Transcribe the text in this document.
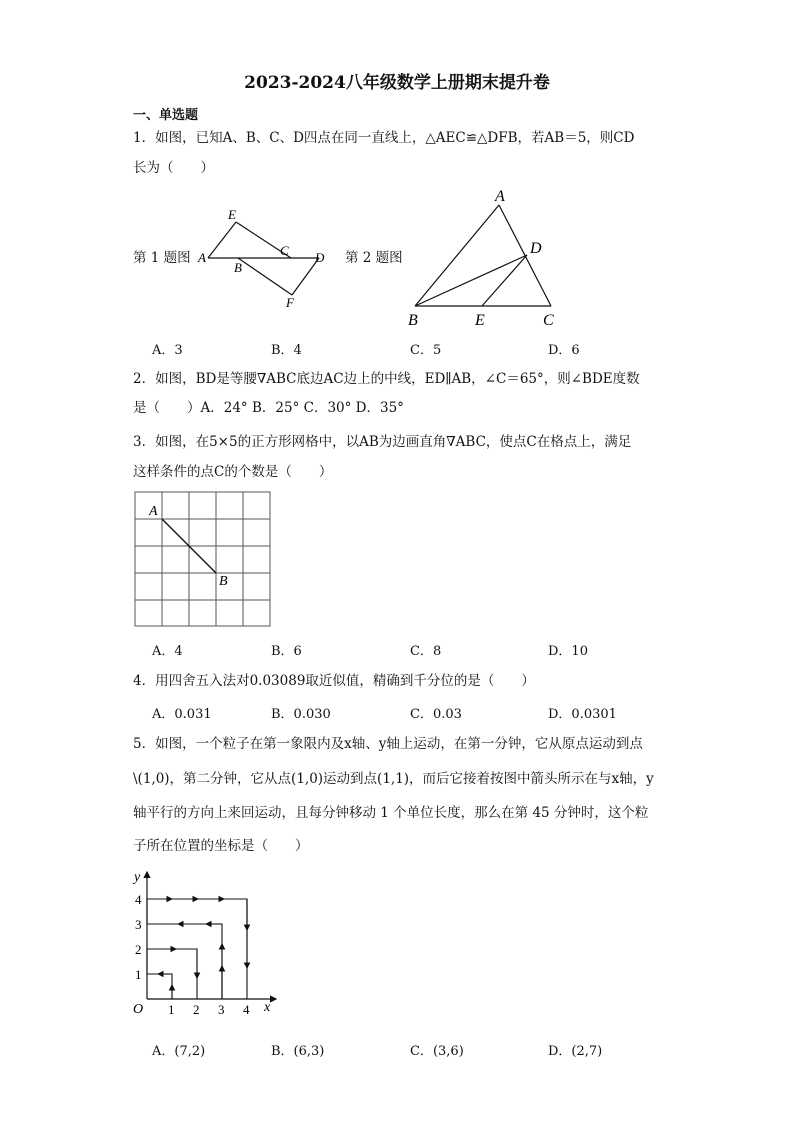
2023-2024八年级数学上册期末提升卷
一、单选题
1．如图，已知A、B、C、D四点在同一直线上，△AEC≌△DFB，若AB＝5，则CD
长为（　　）
第 1 题图
E
A
B
C D
F
第 2 题图
A
D
B	E	C
A．3	B．4	C．5	D．6
2．如图，BD是等腰∇ABC底边AC边上的中线，ED∥AB，∠C＝65°，则∠BDE度数
是（　　）A．24° B．25° C．30° D．35°
3．如图，在5×5的正方形网格中，以AB为边画直角∇ABC，使点C在格点上，满足
这样条件的点C的个数是（　　）
A
B
A．4	B．6	C．8	D．10
4．用四舍五入法对0.03089取近似值，精确到千分位的是（　　）
A．0.031	B．0.030	C．0.03	D．0.0301
5．如图，一个粒子在第一象限内及x轴、y轴上运动，在第一分钟，它从原点运动到点
\(1,0)，第二分钟，它从点(1,0)运动到点(1,1)，而后它接着按图中箭头所示在与x轴，y
轴平行的方向上来回运动，且每分钟移动 1 个单位长度，那么在第 45 分钟时，这个粒
子所在位置的坐标是（　　）
y
x
O 1 2 3 4
1
2
3
4
A．(7,2)	B．(6,3)	C．(3,6)	D．(2,7)
